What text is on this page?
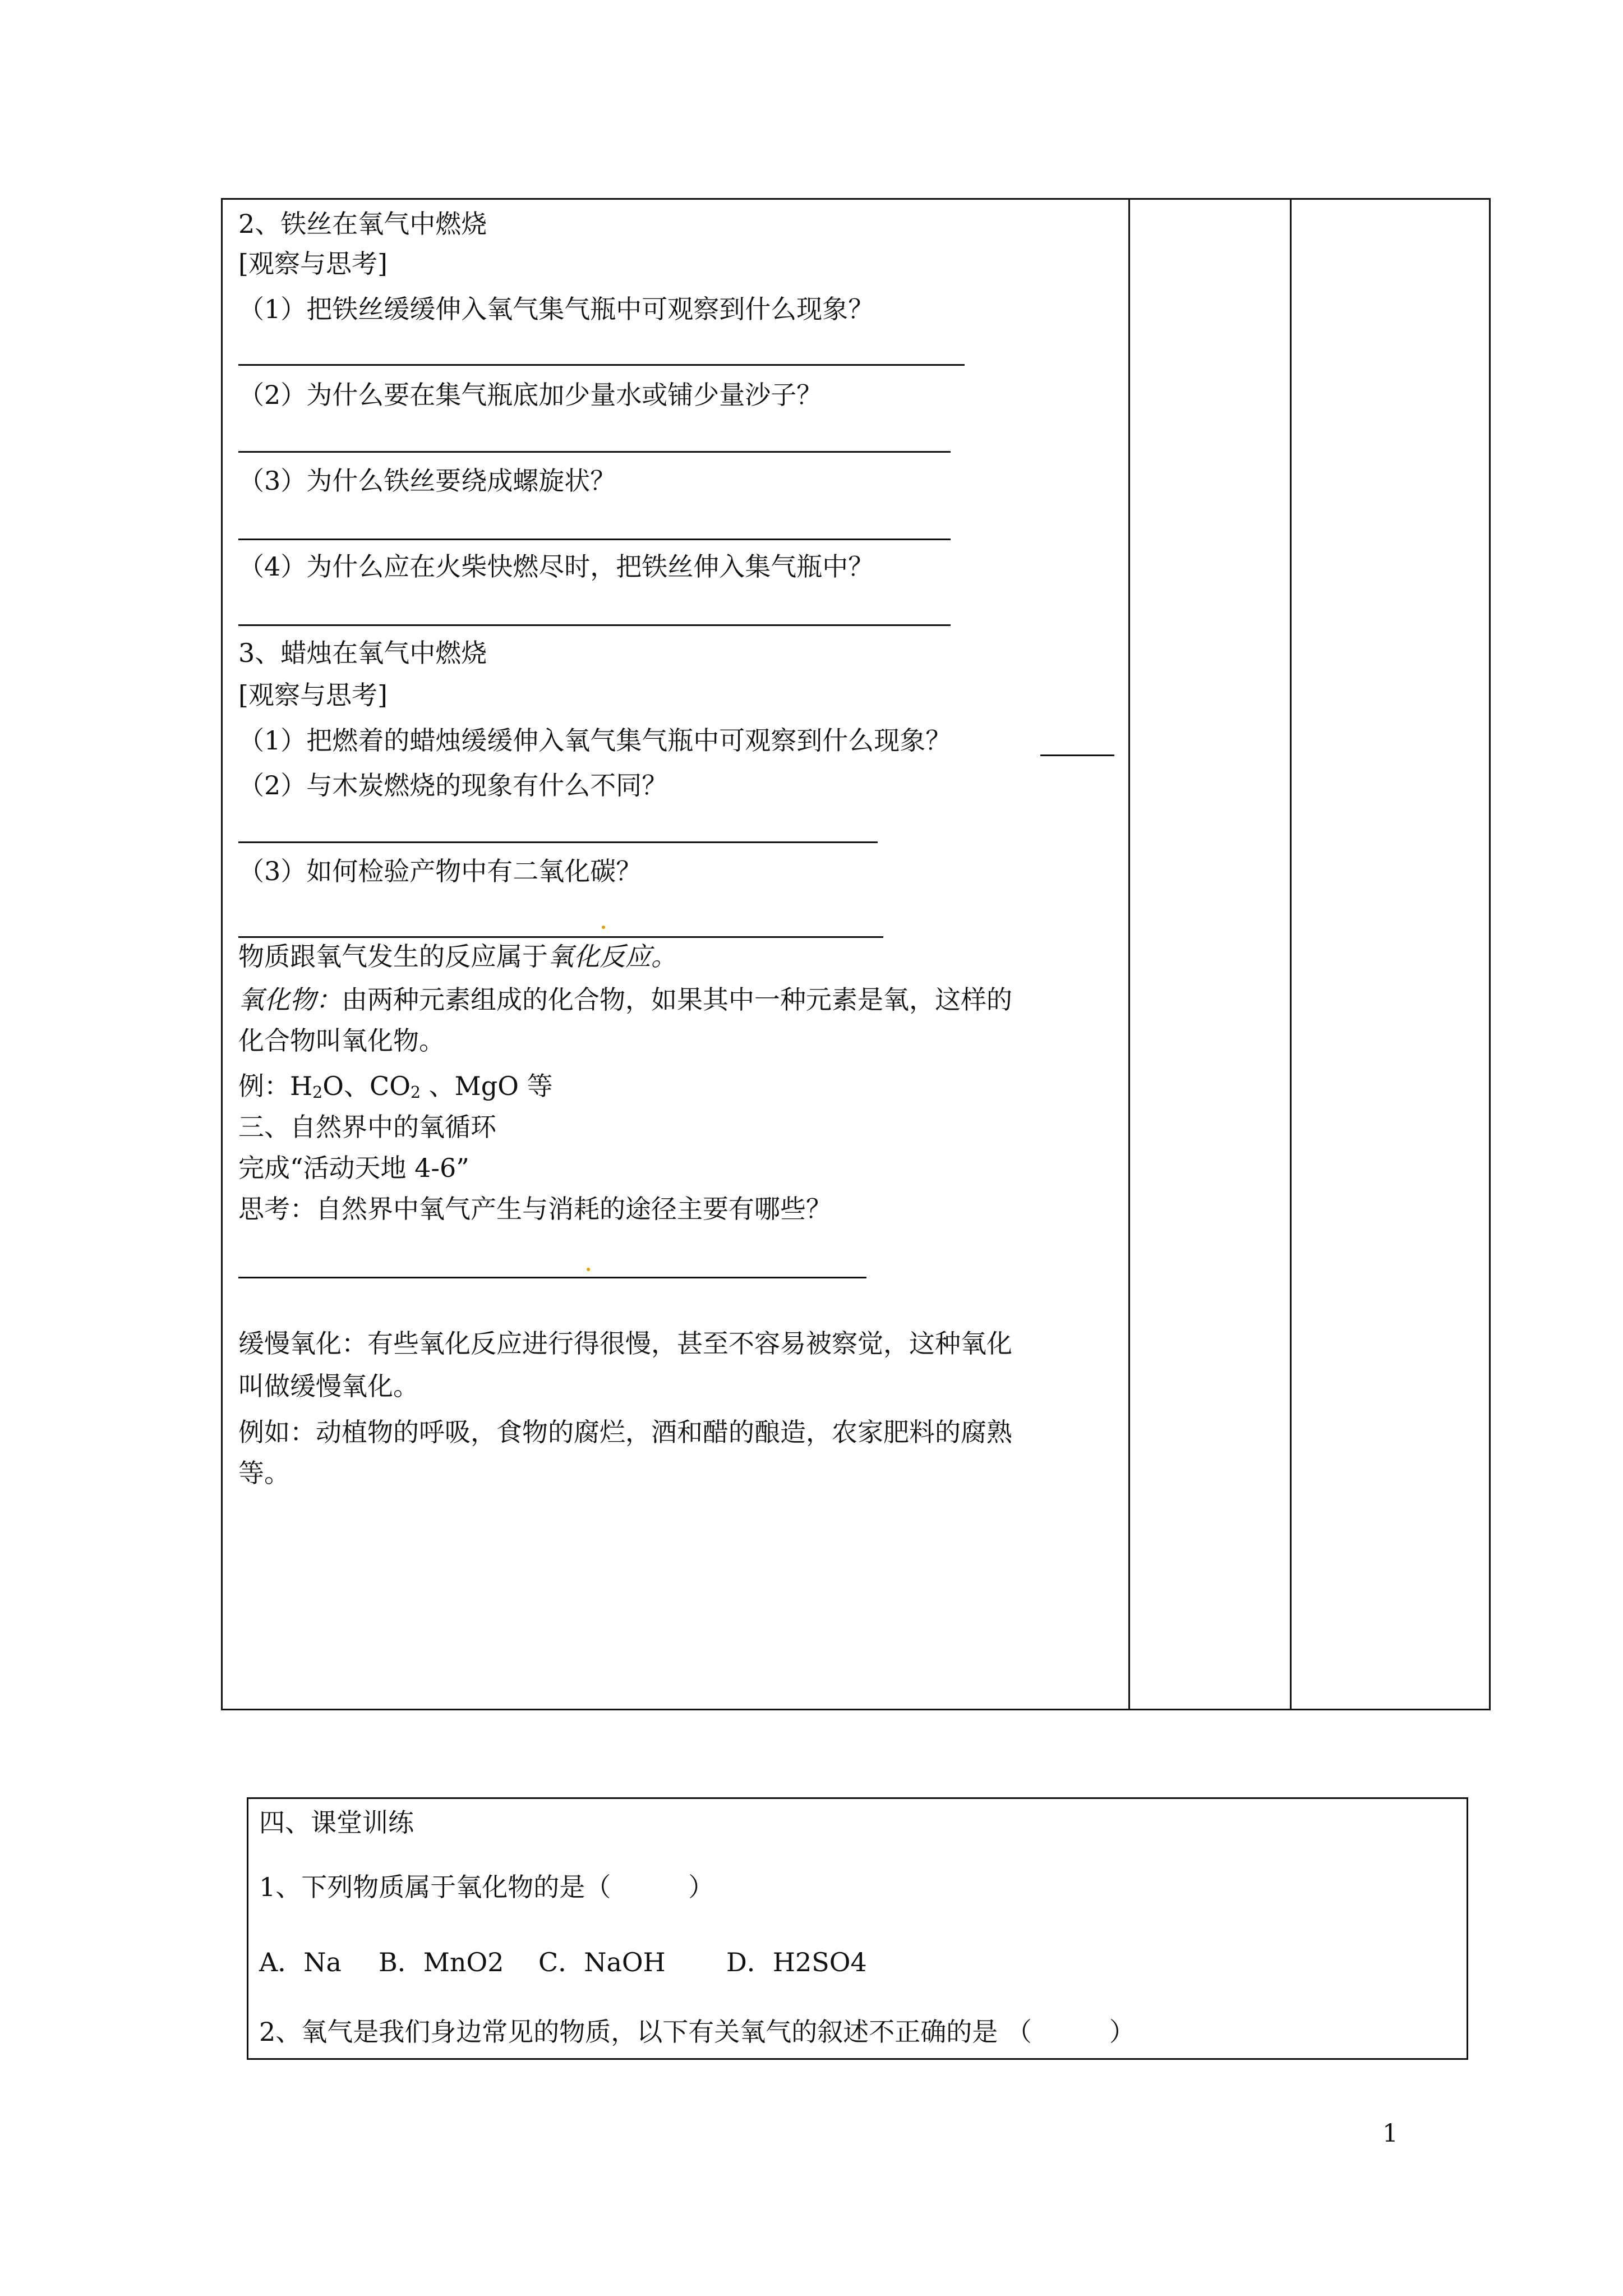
2、铁丝在氧气中燃烧
[观察与思考]
（1）把铁丝缓缓伸入氧气集气瓶中可观察到什么现象？
（2）为什么要在集气瓶底加少量水或铺少量沙子？
（3）为什么铁丝要绕成螺旋状？
（4）为什么应在火柴快燃尽时，把铁丝伸入集气瓶中？
3、蜡烛在氧气中燃烧
[观察与思考]
（1）把燃着的蜡烛缓缓伸入氧气集气瓶中可观察到什么现象？
（2）与木炭燃烧的现象有什么不同？
（3）如何检验产物中有二氧化碳？
物质跟氧气发生的反应属于氧化反应。
氧化物：由两种元素组成的化合物，如果其中一种元素是氧，这样的
化合物叫氧化物。
例：$H_2O$、$CO_2$ 、MgO 等
三、自然界中的氧循环
完成“活动天地 4-6”
思考：自然界中氧气产生与消耗的途径主要有哪些？
缓慢氧化：有些氧化反应进行得很慢，甚至不容易被察觉，这种氧化
叫做缓慢氧化。
例如：动植物的呼吸，食物的腐烂，酒和醋的酿造，农家肥料的腐熟
等。
四、课堂训练
1、下列物质属于氧化物的是（　　　）
A．Na B．MnO2 C．NaOH D．H2SO4
2、氧气是我们身边常见的物质，以下有关氧气的叙述不正确的是 （　　　）
1
